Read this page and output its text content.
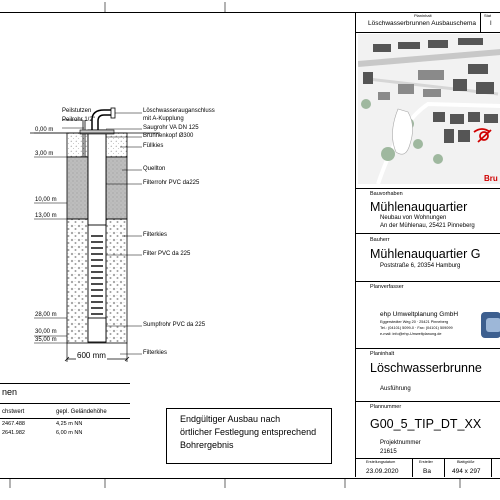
Peilstutzen
Peilrohr 1/2"
Löschwasserauganschluss
mit A-Kupplung
Saugrohr VA DN 125
Brunnenkopf Ø300
Füllkies
Quellton
Filterrohr PVC da225
Filterkies
Filter PVC da 225
Sumpfrohr PVC da 225
Filterkies
0,00 m
3,00 m
10,00 m
13,00 m
28,00 m
30,00 m
35,00 m
600 mm
nen
chstwert	gepl. Geländehöhe
2467.488	4,25 m NN
2641.982	6,00 m NN
Endgültiger Ausbau nach
örtlicher Festlegung entsprechend
Bohrergebnis
Planinhalt
Löschwasserbrunnen Ausbauschema
Stat
I
Bru
Bauvorhaben
Mühlenauquartier
Neubau von Wohnungen
An der Mühlenau, 25421 Pinneberg
Bauherr
Mühlenauquartier G
Poststraße 6, 20354 Hamburg
Planverfasser
ehp Umweltplanung GmbH
Eggerstedter Weg 20 · 25421 Pinneberg
Tel.: (04101) 5099-0 · Fax: (04101) 509099
e-mail: info@ehp-Umweltplanung.de
Planinhalt
Löschwasserbrunne
Ausführung
Plannummer
G00_5_TIP_DT_XX
Projektnummer
21615
Erstellungsdatum	Ersteller	Blattgröße
23.09.2020	Ba	494 x 297
